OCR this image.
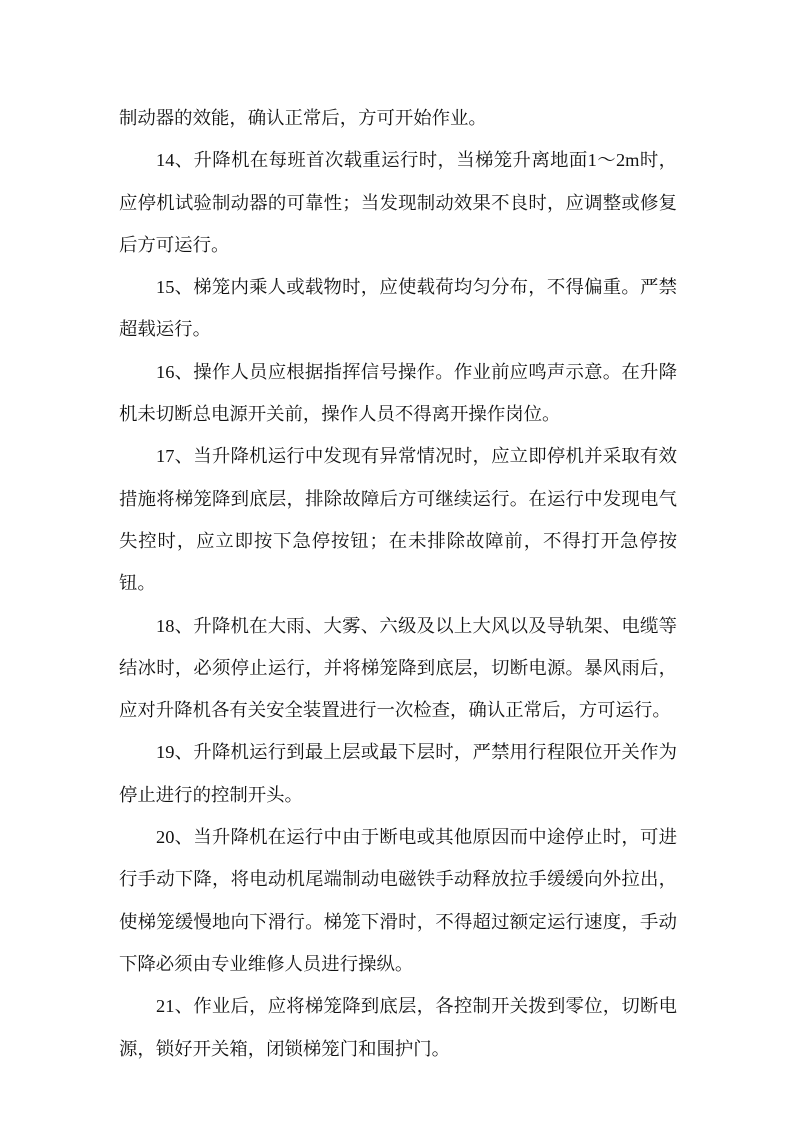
制动器的效能，确认正常后，方可开始作业。

14、升降机在每班首次载重运行时，当梯笼升离地面1～2m时，应停机试验制动器的可靠性；当发现制动效果不良时，应调整或修复后方可运行。

15、梯笼内乘人或载物时，应使载荷均匀分布，不得偏重。严禁超载运行。

16、操作人员应根据指挥信号操作。作业前应鸣声示意。在升降机未切断总电源开关前，操作人员不得离开操作岗位。

17、当升降机运行中发现有异常情况时，应立即停机并采取有效措施将梯笼降到底层，排除故障后方可继续运行。在运行中发现电气失控时，应立即按下急停按钮；在未排除故障前，不得打开急停按钮。

18、升降机在大雨、大雾、六级及以上大风以及导轨架、电缆等结冰时，必须停止运行，并将梯笼降到底层，切断电源。暴风雨后，应对升降机各有关安全装置进行一次检查，确认正常后，方可运行。

19、升降机运行到最上层或最下层时，严禁用行程限位开关作为停止进行的控制开头。

20、当升降机在运行中由于断电或其他原因而中途停止时，可进行手动下降，将电动机尾端制动电磁铁手动释放拉手缓缓向外拉出，使梯笼缓慢地向下滑行。梯笼下滑时，不得超过额定运行速度，手动下降必须由专业维修人员进行操纵。

21、作业后，应将梯笼降到底层，各控制开关拨到零位，切断电源，锁好开关箱，闭锁梯笼门和围护门。
